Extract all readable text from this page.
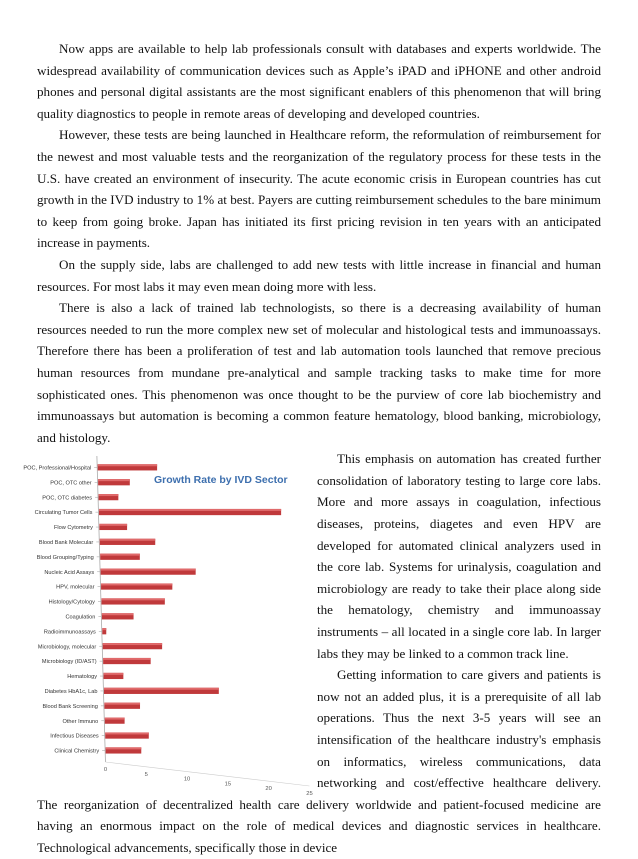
Now apps are available to help lab professionals consult with databases and experts worldwide. The widespread availability of communication devices such as Apple’s iPAD and iPHONE and other android phones and personal digital assistants are the most significant enablers of this phenomenon that will bring quality diagnostics to people in remote areas of developing and developed countries.

However, these tests are being launched in Healthcare reform, the reformulation of reimbursement for the newest and most valuable tests and the reorganization of the regulatory process for these tests in the U.S. have created an environment of insecurity. The acute economic crisis in European countries has cut growth in the IVD industry to 1% at best. Payers are cutting reimbursement schedules to the bare minimum to keep from going broke. Japan has initiated its first pricing revision in ten years with an anticipated increase in payments.

On the supply side, labs are challenged to add new tests with little increase in financial and human resources. For most labs it may even mean doing more with less.

There is also a lack of trained lab technologists, so there is a decreasing availability of human resources needed to run the more complex new set of molecular and histological tests and immunoassays. Therefore there has been a proliferation of test and lab automation tools launched that remove precious human resources from mundane pre-analytical and sample tracking tasks to make time for more sophisticated ones. This phenomenon was once thought to be the purview of core lab biochemistry and immunoassays but automation is becoming a common feature hematology, blood banking, microbiology, and histology.

Growth Rate by IVD Sector
POC, Professional/Hospital
POC, OTC other
POC, OTC diabetes
Circulating Tumor Cells
Flow Cytometry
Blood Bank Molecular
Blood Grouping/Typing
Nucleic Acid Assays
HPV, molecular
Histology/Cytology
Coagulation
Radioimmunoassays
Microbiology, molecular
Microbiology (ID/AST)
Hematology
Diabetes HbA1c, Lab
Blood Bank Screening
Other Immuno
Infectious Diseases
Clinical Chemistry
0
5
10
15
20
25

This emphasis on automation has created further consolidation of laboratory testing to large core labs. More and more assays in coagulation, infectious diseases, proteins, diagetes and even HPV are developed for automated clinical analyzers used in the core lab. Systems for urinalysis, coagulation and microbiology are ready to take their place along side the hematology, chemistry and immunoassay instruments – all located in a single core lab. In larger labs they may be linked to a common track line.

Getting information to care givers and patients is now not an added plus, it is a prerequisite of all lab operations. Thus the next 3-5 years will see an intensification of the healthcare industry's emphasis on informatics, wireless communications, data networking and cost/effective healthcare delivery. The reorganization of decentralized health care delivery worldwide and patient-focused medicine are having an enormous impact on the role of medical devices and diagnostic services in healthcare. Technological advancements, specifically those in device
